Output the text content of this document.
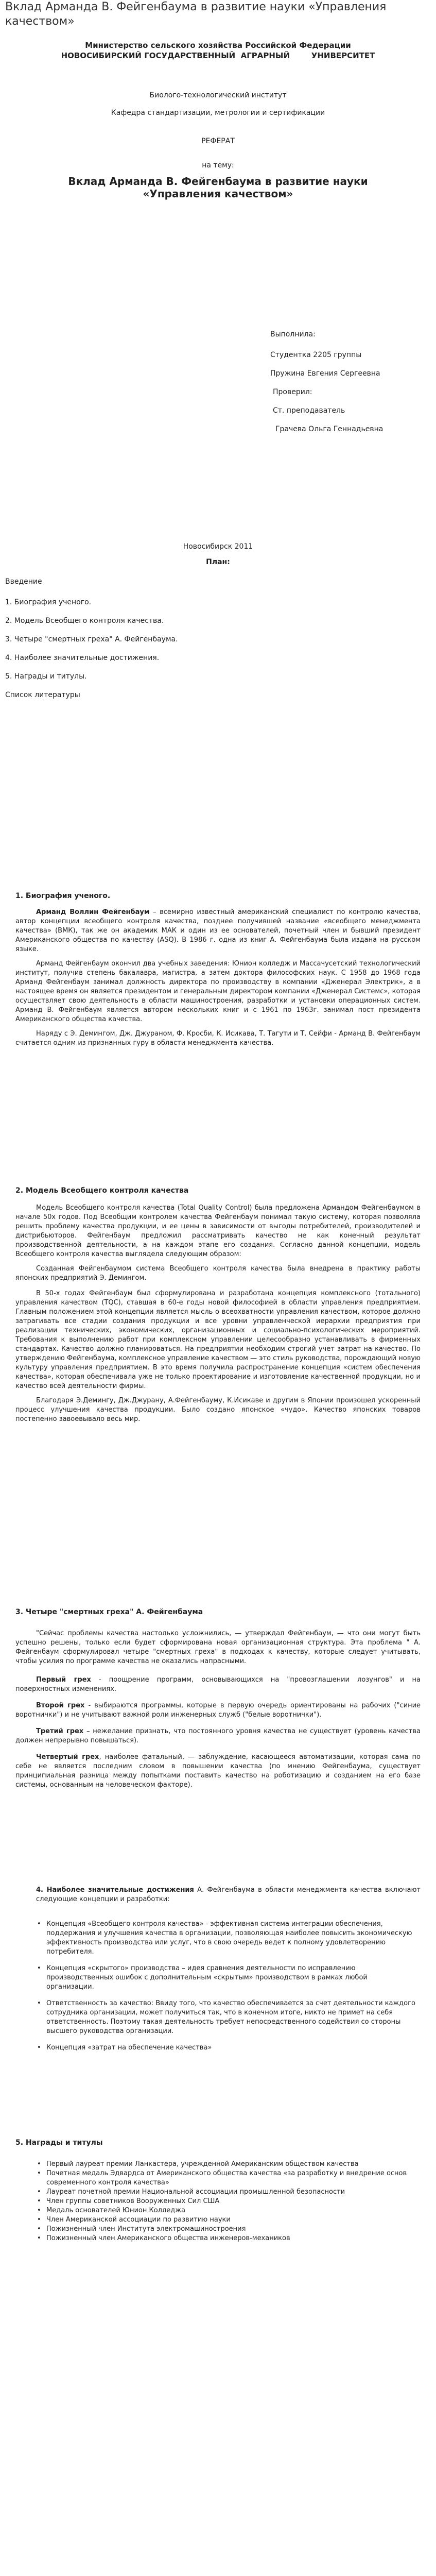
Вклад Арманда В. Фейгенбаума в развитие науки «Управления качеством»
Министерство сельского хозяйства Российской Федерации
НОВОСИБИРСКИЙ ГОСУДАРСТВЕННЫЙ  АГРАРНЫЙ        УНИВЕРСИТЕТ
Биолого-технологический институт
Кафедра стандартизации, метрологии и сертификации
РЕФЕРАТ
на тему:
Вклад Арманда В. Фейгенбаума в развитие науки «Управления качеством»
Выполнила:
Студентка 2205 группы
Пружина Евгения Сергеевна
Проверил:
Ст. преподаватель
Грачева Ольга Геннадьевна
Новосибирск 2011
План:
Введение
1. Биография ученого.
2. Модель Всеобщего контроля качества.
3. Четыре "смертных греха" А. Фейгенбаума.
4. Наиболее значительные достижения.
5. Награды и титулы.
Список литературы
1. Биография ученого.

Арманд Воллин Фейгенбаум – всемирно известный американский специалист по контролю качества, автор концепции всеобщего контроля качества, позднее получившей название «всеобщего менеджмента качества» (ВМК), так же он академик МАК и один из ее основателей, почетный член и бывший президент Американского общества по качеству (ASQ). В 1986 г. одна из книг А. Фейгенбаума была издана на русском языке.

Арманд Фейгенбаум окончил два учебных заведения: Юнион колледж и Массачусетский технологический институт, получив степень бакалавра, магистра, а затем доктора философских наук. С 1958 до 1968 года Арманд Фейгенбаум занимал должность директора по производству в компании «Дженерал Электрик», а в настоящее время он является президентом и генеральным директором компании «Дженерал Системс», которая осуществляет свою деятельность в области машиностроения, разработки и установки операционных систем. Арманд В. Фейгенбаум является автором нескольких книг и с 1961 по 1963г. занимал пост президента Американского общества качества.

Наряду с Э. Демингом, Дж. Джураном, Ф. Кросби, К. Исикава, Т. Тагути и Т. Сейфи - Арманд В. Фейгенбаум считается одним из признанных гуру в области менеджмента качества.

2. Модель Всеобщего контроля качества

Модель Всеобщего контроля качества (Total Quality Control) была предложена Армандом Фейгенбаумом в начале 50х годов. Под Всеобщим контролем качества Фейгенбаум понимал такую систему, которая позволяла решить проблему качества продукции, и ее цены в зависимости от выгоды потребителей, производителей и дистрибьюторов. Фейгенбаум предложил рассматривать качество не как конечный результат производственной деятельности, а на каждом этапе его создания. Согласно данной концепции, модель Всеобщего контроля качества выглядела следующим образом:

Созданная Фейгенбаумом система Всеобщего контроля качества была внедрена в практику работы японских предприятий Э. Демингом.

В 50-х годах Фейгенбаум был сформулирована и разработана концепция комплексного (тотального) управления качеством (TQC), ставшая в 60-е годы новой философией в области управления предприятием. Главным положением этой концепции является мысль о всеохватности управления качеством, которое должно затрагивать все стадии создания продукции и все уровни управленческой иерархии предприятия при реализации технических, экономических, организационных и социально-психологических мероприятий. Требования к выполнению работ при комплексном управлении целесообразно устанавливать в фирменных стандартах. Качество должно планироваться. На предприятии необходим строгий учет затрат на качество. По утверждению Фейгенбаума, комплексное управление качеством — это стиль руководства, порождающий новую культуру управления предприятием. В это время получила распространение концепция «систем обеспечения качества», которая обеспечивала уже не только проектирование и изготовление качественной продукции, но и качество всей деятельности фирмы.

Благодаря Э.Демингу, Дж.Джурану, А.Фейгенбауму, К.Исикаве и другим в Японии произошел ускоренный процесс улучшения качества продукции. Было создано японское «чудо». Качество японских товаров постепенно завоевывало весь мир.

3. Четыре "смертных греха" А. Фейгенбаума

"Сейчас проблемы качества настолько усложнились, — утверждал Фейгенбаум, — что они могут быть успешно решены, только если будет сформирована новая организационная структура. Эта проблема " А. Фейгенбаум сформулировал четыре "смертных греха" в подходах к качеству, которые следует учитывать, чтобы усилия по программе качества не оказались напрасными.

Первый грех - поощрение программ, основывающихся на "провозглашении лозунгов" и на поверхностных изменениях.

Второй грех - выбираются программы, которые в первую очередь ориентированы на рабочих ("синие воротнички") и не учитывают важной роли инженерных служб ("белые воротнички").

Третий грех – нежелание признать, что постоянного уровня качества не существует (уровень качества должен непрерывно повышаться).

Четвертый грех, наиболее фатальный, — заблуждение, касающееся автоматизации, которая сама по себе не является последним словом в повышении качества (по мнению Фейгенбаума, существует принципиальная разница между попытками поставить качество на роботизацию и созданием на его базе системы, основанным на человеческом факторе).

4. Наиболее значительные достижения А. Фейгенбаума в области менеджмента качества включают следующие концепции и разработки:

• Концепция «Всеобщего контроля качества» - эффективная система интеграции обеспечения, поддержания и улучшения качества в организации, позволяющая наиболее повысить экономическую эффективность производства или услуг, что в свою очередь ведет к полному удовлетворению потребителя.
• Концепция «скрытого» производства – идея сравнения деятельности по исправлению производственных ошибок с дополнительным «скрытым» производством в рамках любой организации.
• Ответственность за качество: Ввиду того, что качество обеспечивается за счет деятельности каждого сотрудника организации, может получиться так, что в конечном итоге, никто не примет на себя ответственность. Поэтому такая деятельность требует непосредственного содействия со стороны высшего руководства организации.
• Концепция «затрат на обеспечение качества»
5. Награды и титулы
• Первый лауреат премии Ланкастера, учрежденной Американским обществом качества
• Почетная медаль Эдвардса от Американского общества качества «за разработку и внедрение основ современного контроля качества»
• Лауреат почетной премии Национальной ассоциации промышленной безопасности
• Член группы советников Вооруженных Сил США
• Медаль основателей Юнион Колледжа
• Член Американской ассоциации по развитию науки
• Пожизненный член Института электромашиностроения
• Пожизненный член Американского общества инженеров-механиков
